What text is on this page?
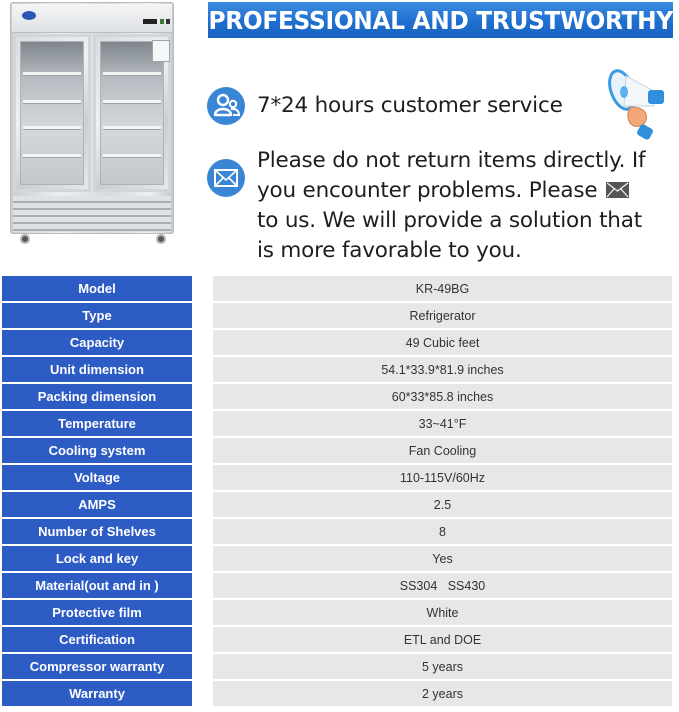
PROFESSIONAL AND TRUSTWORTHY
7*24 hours customer service
Please do not return items directly. If
you encounter problems. Please
to us. We will provide a solution that
is more favorable to you.
Model	KR-49BG
Type	Refrigerator
Capacity	49 Cubic feet
Unit dimension	54.1*33.9*81.9 inches
Packing dimension	60*33*85.8 inches
Temperature	33~41°F
Cooling system	Fan Cooling
Voltage	110-115V/60Hz
AMPS	2.5
Number of Shelves	8
Lock and key	Yes
Material(out and in )	SS304   SS430
Protective film	White
Certification	ETL and DOE
Compressor warranty	5 years
Warranty	2 years
